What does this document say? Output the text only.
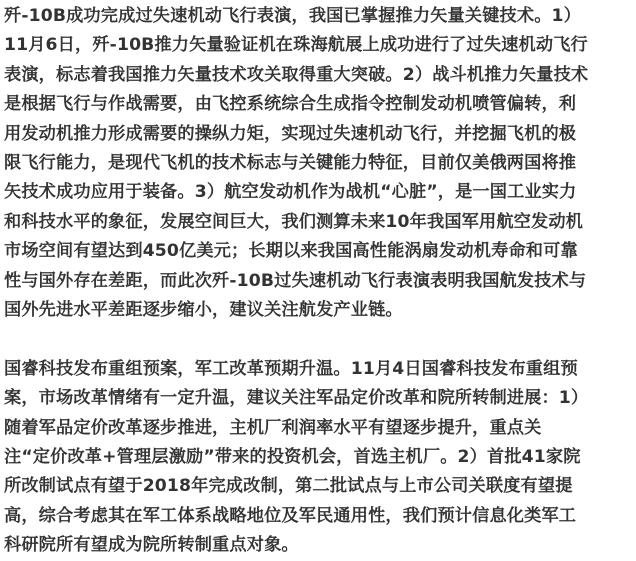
歼-10B成功完成过失速机动飞行表演，我国已掌握推力矢量关键技术。1）
11月6日，歼-10B推力矢量验证机在珠海航展上成功进行了过失速机动飞行
表演，标志着我国推力矢量技术攻关取得重大突破。2）战斗机推力矢量技术
是根据飞行与作战需要，由飞控系统综合生成指令控制发动机喷管偏转，利
用发动机推力形成需要的操纵力矩，实现过失速机动飞行，并挖掘飞机的极
限飞行能力，是现代飞机的技术标志与关键能力特征，目前仅美俄两国将推
矢技术成功应用于装备。3）航空发动机作为战机“心脏”，是一国工业实力
和科技水平的象征，发展空间巨大，我们测算未来10年我国军用航空发动机
市场空间有望达到450亿美元；长期以来我国高性能涡扇发动机寿命和可靠
性与国外存在差距，而此次歼-10B过失速机动飞行表演表明我国航发技术与
国外先进水平差距逐步缩小，建议关注航发产业链。

国睿科技发布重组预案，军工改革预期升温。11月4日国睿科技发布重组预
案，市场改革情绪有一定升温，建议关注军品定价改革和院所转制进展：1）
随着军品定价改革逐步推进，主机厂利润率水平有望逐步提升，重点关
注“定价改革+管理层激励”带来的投资机会，首选主机厂。2）首批41家院
所改制试点有望于2018年完成改制，第二批试点与上市公司关联度有望提
高，综合考虑其在军工体系战略地位及军民通用性，我们预计信息化类军工
科研院所有望成为院所转制重点对象。
